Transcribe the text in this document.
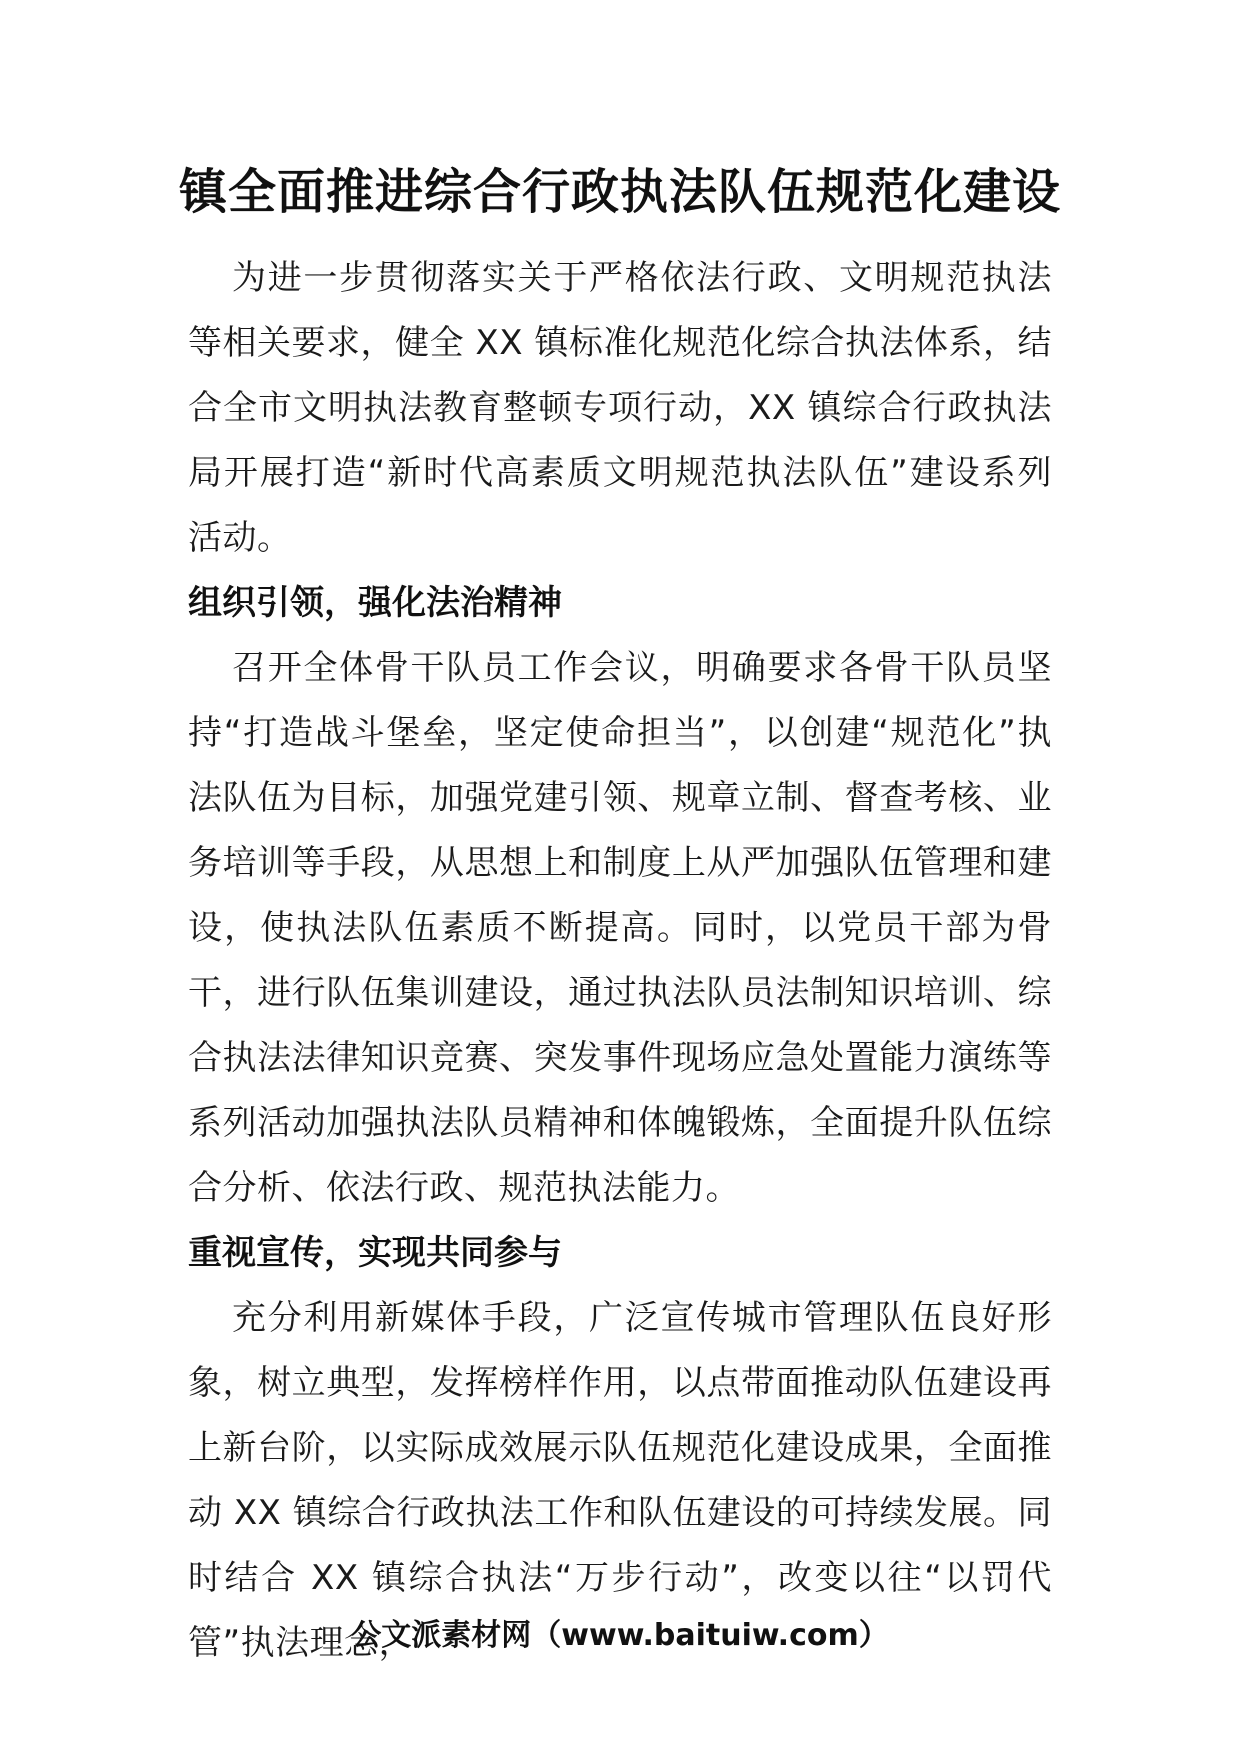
镇全面推进综合行政执法队伍规范化建设

为进一步贯彻落实关于严格依法行政、文明规范执法等相关要求，健全 XX 镇标准化规范化综合执法体系，结合全市文明执法教育整顿专项行动，XX 镇综合行政执法局开展打造“新时代高素质文明规范执法队伍”建设系列活动。

组织引领，强化法治精神

召开全体骨干队员工作会议，明确要求各骨干队员坚持“打造战斗堡垒，坚定使命担当”，以创建“规范化”执法队伍为目标，加强党建引领、规章立制、督查考核、业务培训等手段，从思想上和制度上从严加强队伍管理和建设，使执法队伍素质不断提高。同时，以党员干部为骨干，进行队伍集训建设，通过执法队员法制知识培训、综合执法法律知识竞赛、突发事件现场应急处置能力演练等系列活动加强执法队员精神和体魄锻炼，全面提升队伍综合分析、依法行政、规范执法能力。

重视宣传，实现共同参与

充分利用新媒体手段，广泛宣传城市管理队伍良好形象，树立典型，发挥榜样作用，以点带面推动队伍建设再上新台阶，以实际成效展示队伍规范化建设成果，全面推动 XX 镇综合行政执法工作和队伍建设的可持续发展。同时结合 XX 镇综合执法“万步行动”，改变以往“以罚代管”执法理念，

公文派素材网（www.baituiw.com）
